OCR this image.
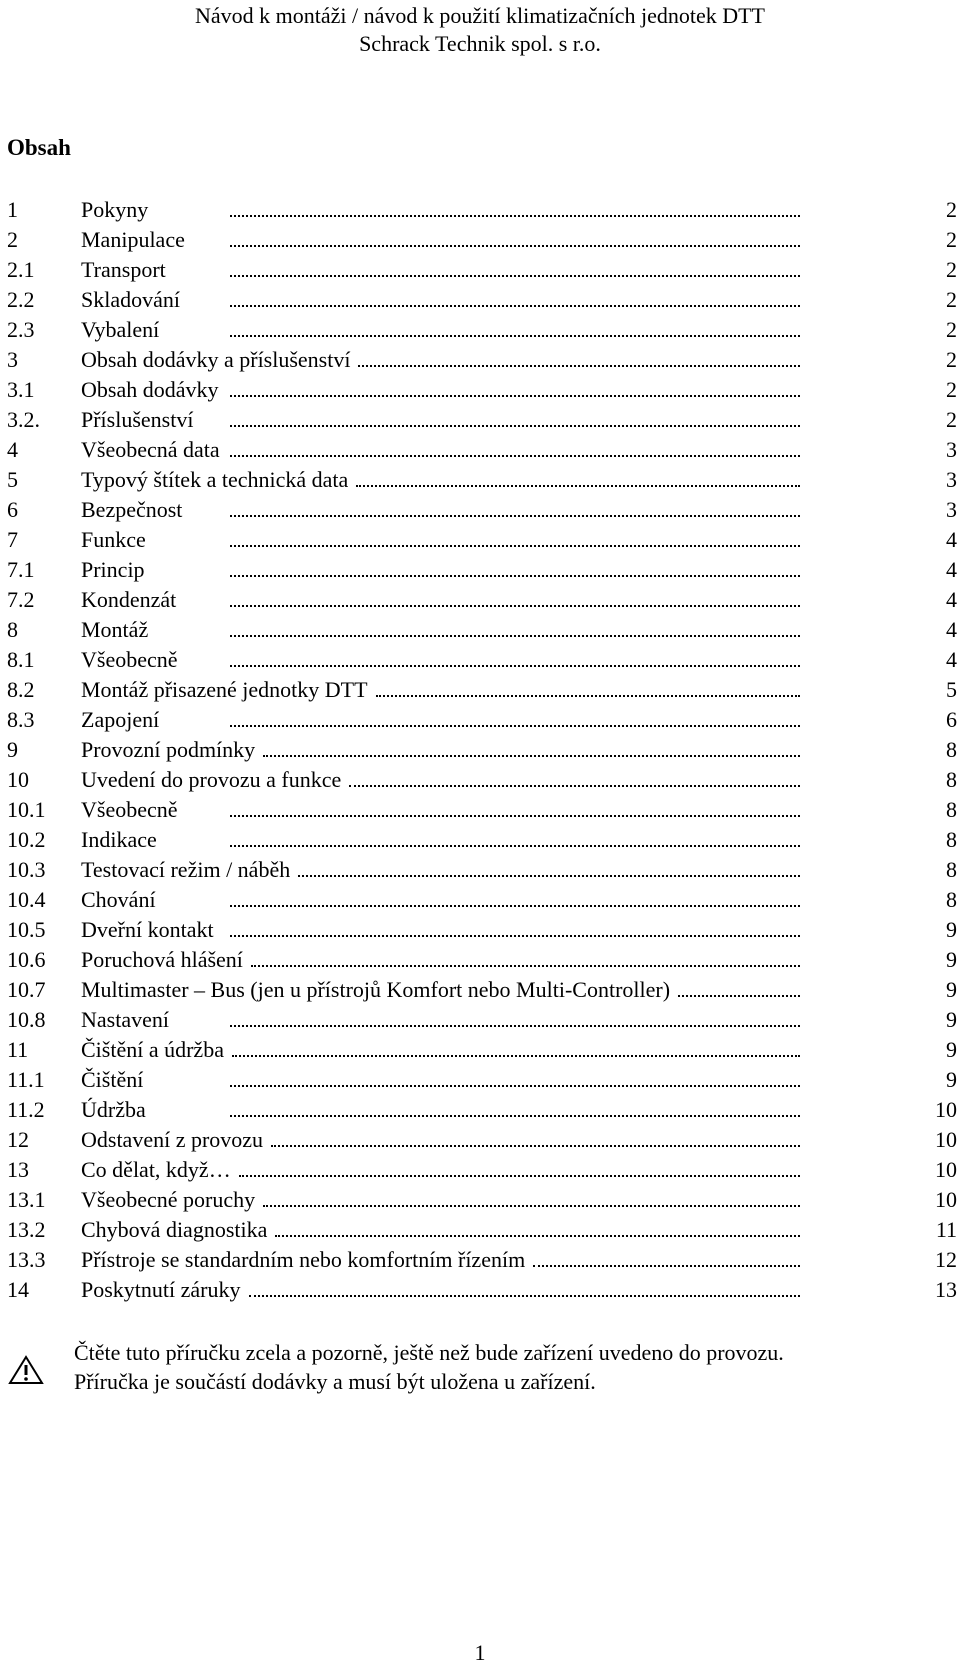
Návod k montáži / návod k použití klimatizačních jednotek DTT
Schrack Technik spol. s r.o.
Obsah
1	Pokyny	2
2	Manipulace	2
2.1 Transport	2
2.2 Skladování	2
2.3 Vybalení	2
3	Obsah dodávky a příslušenství	2
3.1 Obsah dodávky	2
3.2. Příslušenství	2
4	Všeobecná data	3
5	Typový štítek a technická data	3
6	Bezpečnost	3
7	Funkce	4
7.1 Princip	4
7.2 Kondenzát	4
8	Montáž	4
8.1 Všeobecně	4
8.2 Montáž přisazené jednotky DTT	5
8.3 Zapojení	6
9	Provozní podmínky	8
10 Uvedení do provozu a funkce	8
10.1 Všeobecně	8
10.2 Indikace	8
10.3 Testovací režim / náběh	8
10.4 Chování	8
10.5 Dveřní kontakt	9
10.6 Poruchová hlášení	9
10.7 Multimaster – Bus (jen u přístrojů Komfort nebo Multi-Controller)	9
10.8 Nastavení	9
11 Čištění a údržba	9
11.1 Čištění	9
11.2 Údržba	10
12 Odstavení z provozu	10
13 Co dělat, když…	10
13.1 Všeobecné poruchy	10
13.2 Chybová diagnostika	11
13.3 Přístroje se standardním nebo komfortním řízením	12
14 Poskytnutí záruky	13
Čtěte tuto příručku zcela a pozorně, ještě než bude zařízení uvedeno do provozu.
Příručka je součástí dodávky a musí být uložena u zařízení.
1
